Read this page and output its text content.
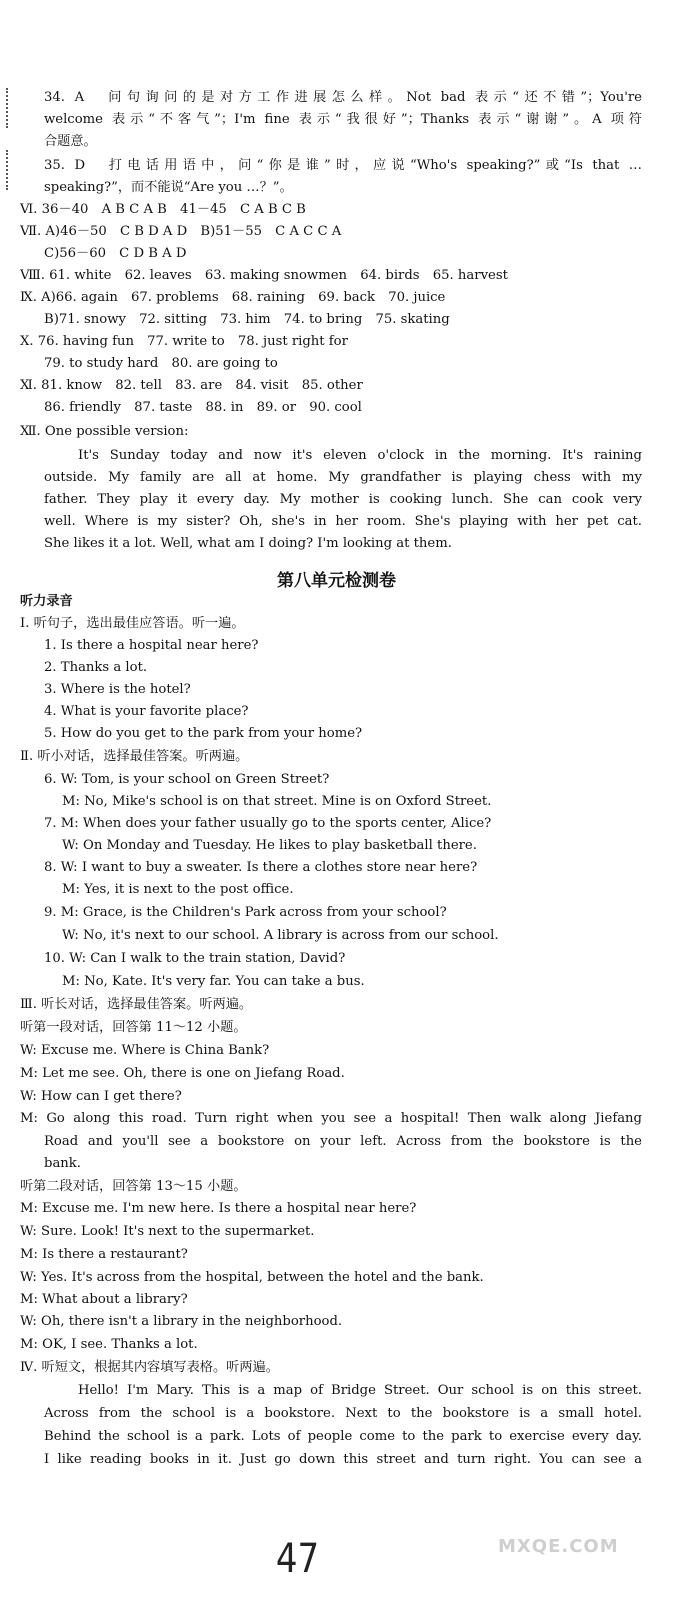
34. A　问句询问的是对方工作进展怎么样。Not bad 表示“还不错”；You're
welcome 表示“不客气”；I'm fine 表示“我很好”；Thanks 表示“谢谢”。A 项符
合题意。
35. D　打电话用语中，问“你是谁”时，应说“Who's speaking?”或“Is that …
speaking?”，而不能说“Are you …？”。
Ⅵ. 36－40　A B C A B　41－45　C A B C B
Ⅶ. A)46－50　C B D A D　B)51－55　C A C C A
C)56－60　C D B A D
Ⅷ. 61. white　62. leaves　63. making snowmen　64. birds　65. harvest
Ⅸ. A)66. again　67. problems　68. raining　69. back　70. juice
B)71. snowy　72. sitting　73. him　74. to bring　75. skating
Ⅹ. 76. having fun　77. write to　78. just right for
79. to study hard　80. are going to
Ⅺ. 81. know　82. tell　83. are　84. visit　85. other
86. friendly　87. taste　88. in　89. or　90. cool
Ⅻ. One possible version:
It's Sunday today and now it's eleven o'clock in the morning. It's raining
outside. My family are all at home. My grandfather is playing chess with my
father. They play it every day. My mother is cooking lunch. She can cook very
well. Where is my sister? Oh, she's in her room. She's playing with her pet cat.
She likes it a lot. Well, what am I doing? I'm looking at them.
第八单元检测卷
听力录音
Ⅰ. 听句子，选出最佳应答语。听一遍。
1. Is there a hospital near here?
2. Thanks a lot.
3. Where is the hotel?
4. What is your favorite place?
5. How do you get to the park from your home?
Ⅱ. 听小对话，选择最佳答案。听两遍。
6. W: Tom, is your school on Green Street?
M: No, Mike's school is on that street. Mine is on Oxford Street.
7. M: When does your father usually go to the sports center, Alice?
W: On Monday and Tuesday. He likes to play basketball there.
8. W: I want to buy a sweater. Is there a clothes store near here?
M: Yes, it is next to the post office.
9. M: Grace, is the Children's Park across from your school?
W: No, it's next to our school. A library is across from our school.
10. W: Can I walk to the train station, David?
M: No, Kate. It's very far. You can take a bus.
Ⅲ. 听长对话，选择最佳答案。听两遍。
听第一段对话，回答第 11～12 小题。
W: Excuse me. Where is China Bank?
M: Let me see. Oh, there is one on Jiefang Road.
W: How can I get there?
M: Go along this road. Turn right when you see a hospital! Then walk along Jiefang
Road and you'll see a bookstore on your left. Across from the bookstore is the
bank.
听第二段对话，回答第 13～15 小题。
M: Excuse me. I'm new here. Is there a hospital near here?
W: Sure. Look! It's next to the supermarket.
M: Is there a restaurant?
W: Yes. It's across from the hospital, between the hotel and the bank.
M: What about a library?
W: Oh, there isn't a library in the neighborhood.
M: OK, I see. Thanks a lot.
Ⅳ. 听短文，根据其内容填写表格。听两遍。
Hello! I'm Mary. This is a map of Bridge Street. Our school is on this street.
Across from the school is a bookstore. Next to the bookstore is a small hotel.
Behind the school is a park. Lots of people come to the park to exercise every day.
I like reading books in it. Just go down this street and turn right. You can see a
47	MXQE.COM
